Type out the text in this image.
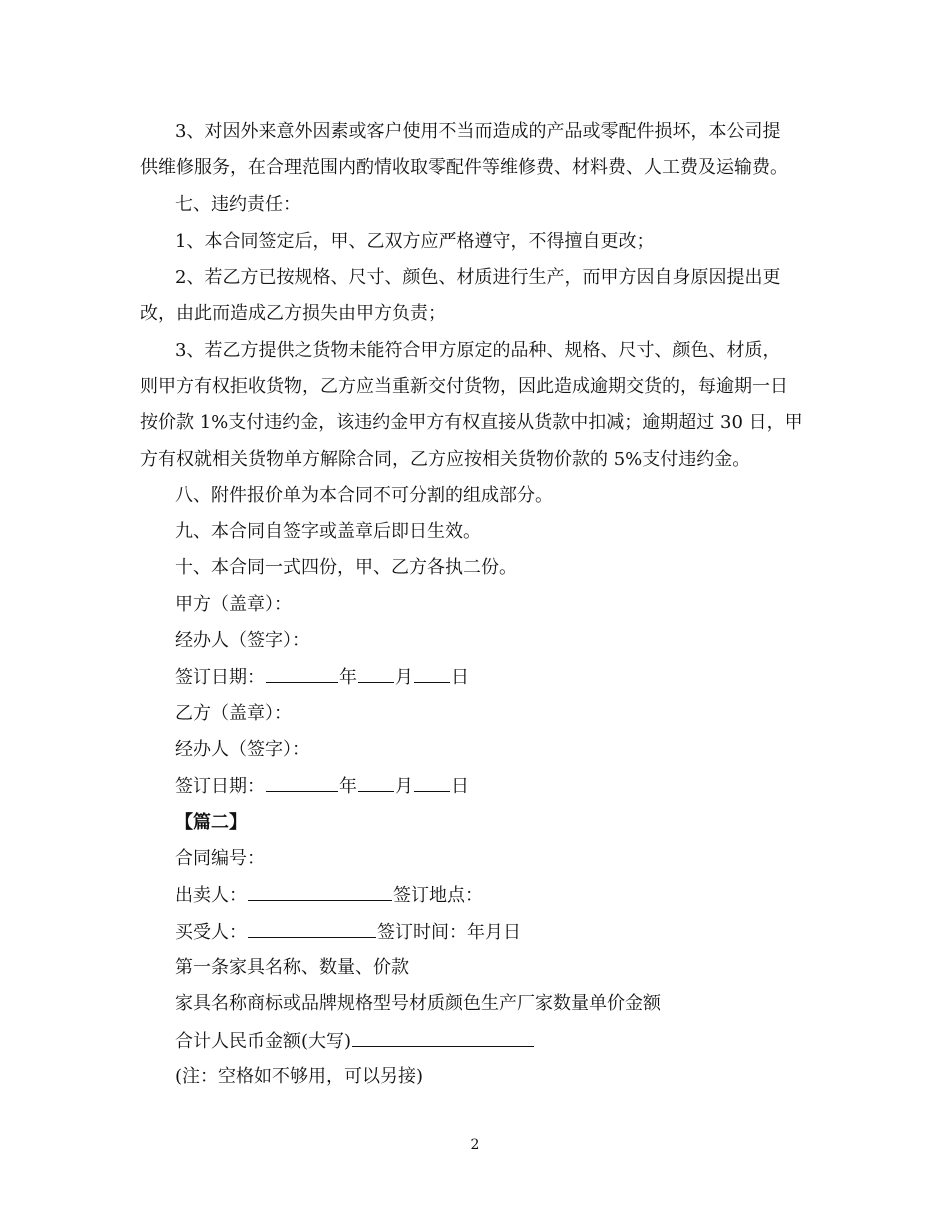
3、对因外来意外因素或客户使用不当而造成的产品或零配件损坏，本公司提
供维修服务，在合理范围内酌情收取零配件等维修费、材料费、人工费及运输费。
七、违约责任：
1、本合同签定后，甲、乙双方应严格遵守，不得擅自更改；
2、若乙方已按规格、尺寸、颜色、材质进行生产，而甲方因自身原因提出更
改，由此而造成乙方损失由甲方负责；
3、若乙方提供之货物未能符合甲方原定的品种、规格、尺寸、颜色、材质，
则甲方有权拒收货物，乙方应当重新交付货物，因此造成逾期交货的，每逾期一日
按价款 1%支付违约金，该违约金甲方有权直接从货款中扣减；逾期超过 30 日，甲
方有权就相关货物单方解除合同，乙方应按相关货物价款的 5%支付违约金。
八、附件报价单为本合同不可分割的组成部分。
九、本合同自签字或盖章后即日生效。
十、本合同一式四份，甲、乙方各执二份。
甲方（盖章）：
经办人（签字）：
签订日期：	年 月 日
乙方（盖章）：
经办人（签字）：
签订日期：	年 月 日
【篇二】
合同编号：
出卖人：	签订地点：
买受人：	签订时间：年月日
第一条家具名称、数量、价款
家具名称商标或品牌规格型号材质颜色生产厂家数量单价金额
合计人民币金额(大写)
(注：空格如不够用，可以另接)
2
